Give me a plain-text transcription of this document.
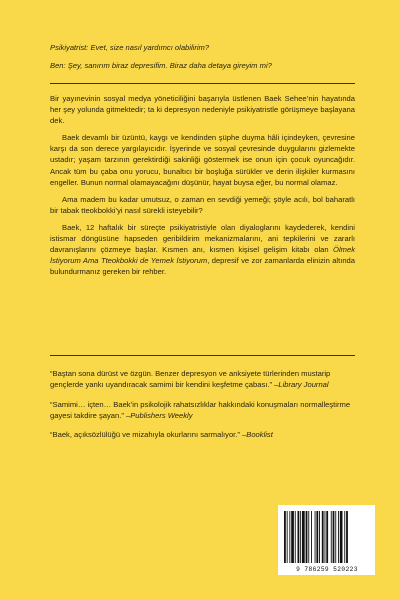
Psikiyatrist: Evet, size nasıl yardımcı olabilirim?

Ben: Şey, sanırım biraz depresifim. Biraz daha detaya gireyim mi?

Bir yayınevinin sosyal medya yöneticiliğini başarıyla üstlenen Baek Sehee’nin hayatında her şey yolunda gitmektedir; ta ki depresyon nedeniyle psikiyatristle görüşmeye başlayana dek.

Baek devamlı bir üzüntü, kaygı ve kendinden şüphe duyma hâli içindeyken, çevresine karşı da son derece yargılayıcıdır. İşyerinde ve sosyal çevresinde duygularını gizlemekte ustadır; yaşam tarzının gerektirdiği sakinliği göstermek ise onun için çocuk oyuncağıdır. Ancak tüm bu çaba onu yorucu, bunaltıcı bir boşluğa sürükler ve derin ilişkiler kurmasını engeller. Bunun normal olamayacağını düşünür, hayat buysa eğer, bu normal olamaz.

Ama madem bu kadar umutsuz, o zaman en sevdiği yemeği; şöyle acılı, bol baharatlı bir tabak tteokbokki’yi nasıl sürekli isteyebilir?

Baek, 12 haftalık bir süreçte psikiyatristiyle olan diyaloglarını kaydederek, kendini istismar döngüsüne hapseden geribildirim mekanizmalarını, ani tepkilerini ve zararlı davranışlarını çözmeye başlar. Kısmen anı, kısmen kişisel gelişim kitabı olan Ölmek İstiyorum Ama Tteokbokki de Yemek İstiyorum, depresif ve zor zamanlarda elinizin altında bulundurmanız gereken bir rehber.

“Baştan sona dürüst ve özgün. Benzer depresyon ve anksiyete türlerinden mustarip gençlerde yankı uyandıracak samimi bir kendini keşfetme çabası.” –Library Journal

“Samimi… içten… Baek’in psikolojik rahatsızlıklar hakkındaki konuşmaları normalleştirme gayesi takdire şayan.” –Publishers Weekly

“Baek, açıksözlülüğü ve mizahıyla okurlarını sarmalıyor.” –Booklist

9 786259 520223
